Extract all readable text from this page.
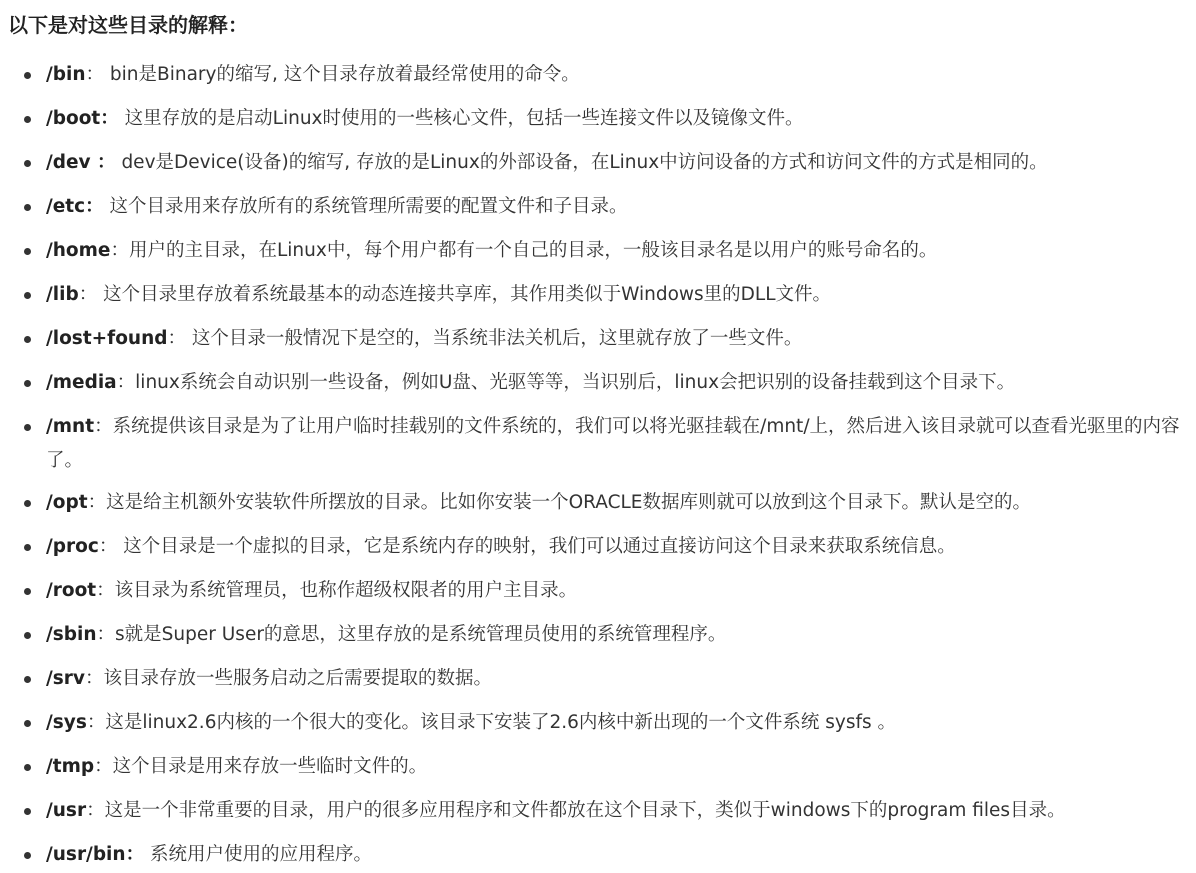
以下是对这些目录的解释：
/bin： bin是Binary的缩写, 这个目录存放着最经常使用的命令。
/boot： 这里存放的是启动Linux时使用的一些核心文件，包括一些连接文件以及镜像文件。
/dev ： dev是Device(设备)的缩写, 存放的是Linux的外部设备，在Linux中访问设备的方式和访问文件的方式是相同的。
/etc： 这个目录用来存放所有的系统管理所需要的配置文件和子目录。
/home：用户的主目录，在Linux中，每个用户都有一个自己的目录，一般该目录名是以用户的账号命名的。
/lib： 这个目录里存放着系统最基本的动态连接共享库，其作用类似于Windows里的DLL文件。
/lost+found： 这个目录一般情况下是空的，当系统非法关机后，这里就存放了一些文件。
/media：linux系统会自动识别一些设备，例如U盘、光驱等等，当识别后，linux会把识别的设备挂载到这个目录下。
/mnt：系统提供该目录是为了让用户临时挂载别的文件系统的，我们可以将光驱挂载在/mnt/上，然后进入该目录就可以查看光驱里的内容了。
/opt：这是给主机额外安装软件所摆放的目录。比如你安装一个ORACLE数据库则就可以放到这个目录下。默认是空的。
/proc： 这个目录是一个虚拟的目录，它是系统内存的映射，我们可以通过直接访问这个目录来获取系统信息。
/root：该目录为系统管理员，也称作超级权限者的用户主目录。
/sbin：s就是Super User的意思，这里存放的是系统管理员使用的系统管理程序。
/srv：该目录存放一些服务启动之后需要提取的数据。
/sys：这是linux2.6内核的一个很大的变化。该目录下安装了2.6内核中新出现的一个文件系统 sysfs 。
/tmp：这个目录是用来存放一些临时文件的。
/usr：这是一个非常重要的目录，用户的很多应用程序和文件都放在这个目录下，类似于windows下的program files目录。
/usr/bin： 系统用户使用的应用程序。
